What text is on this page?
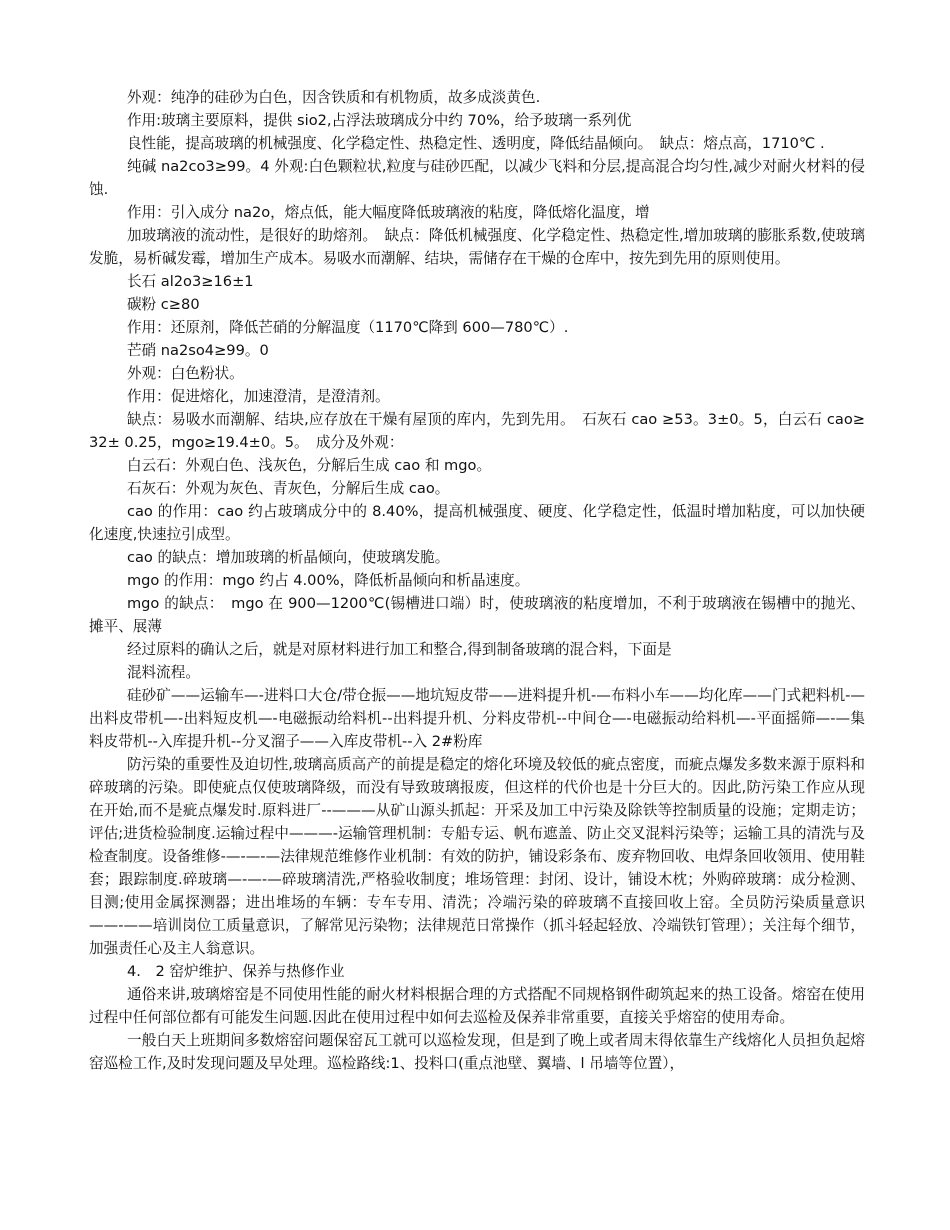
外观：纯净的硅砂为白色，因含铁质和有机物质，故多成淡黄色.

作用:玻璃主要原料，提供 sio2,占浮法玻璃成分中约 70%，给予玻璃一系列优

良性能，提高玻璃的机械强度、化学稳定性、热稳定性、透明度，降低结晶倾向。　缺点：熔点高，1710℃ .

纯碱 na2co3≥99。4 外观:白色颗粒状,粒度与硅砂匹配，以减少飞料和分层,提高混合均匀性,减少对耐火材料的侵蚀.

作用：引入成分 na2o，熔点低，能大幅度降低玻璃液的粘度，降低熔化温度，增

加玻璃液的流动性，是很好的助熔剂。　缺点：降低机械强度、化学稳定性、热稳定性,增加玻璃的膨胀系数,使玻璃发脆，易析碱发霉，增加生产成本。易吸水而潮解、结块，需储存在干燥的仓库中，按先到先用的原则使用。

长石 al2o3≥16±1

碳粉 c≥80

作用：还原剂，降低芒硝的分解温度（1170℃降到 600—780℃）.

芒硝 na2so4≥99。0

外观：白色粉状。

作用：促进熔化，加速澄清，是澄清剂。

缺点：易吸水而潮解、结块,应存放在干燥有屋顶的库内，先到先用。　石灰石 cao ≥53。3±0。5，白云石 cao≥32± 0.25，mgo≥19.4±0。5。　成分及外观：

白云石：外观白色、浅灰色，分解后生成 cao 和 mgo。

石灰石：外观为灰色、青灰色，分解后生成 cao。

cao 的作用：cao 约占玻璃成分中的 8.40%，提高机械强度、硬度、化学稳定性，低温时增加粘度，可以加快硬化速度,快速拉引成型。

cao 的缺点：增加玻璃的析晶倾向，使玻璃发脆。

mgo 的作用：mgo 约占 4.00%，降低析晶倾向和析晶速度。

mgo 的缺点：　mgo 在 900—1200℃(锡槽进口端）时，使玻璃液的粘度增加，不利于玻璃液在锡槽中的抛光、摊平、展薄

经过原料的确认之后，就是对原材料进行加工和整合,得到制备玻璃的混合料，下面是

混料流程。

硅砂矿——运输车—-进料口大仓/带仓振——地坑短皮带——进料提升机-—布料小车——均化库——门式耙料机-—出料皮带机—-出料短皮机—-电磁振动给料机--出料提升机、分料皮带机--中间仓—-电磁振动给料机—-平面摇筛—-—集料皮带机--入库提升机--分叉溜子——入库皮带机--入 2#粉库

防污染的重要性及迫切性,玻璃高质高产的前提是稳定的熔化环境及较低的疵点密度，而疵点爆发多数来源于原料和碎玻璃的污染。即使疵点仅使玻璃降级，而没有导致玻璃报废，但这样的代价也是十分巨大的。因此,防污染工作应从现在开始,而不是疵点爆发时.原料进厂--———从矿山源头抓起：开采及加工中污染及除铁等控制质量的设施；定期走访；评估;进货检验制度.运输过程中———-运输管理机制：专船专运、帆布遮盖、防止交叉混料污染等；运输工具的清洗与及检查制度。设备维修-—-—-—法律规范维修作业机制：有效的防护，铺设彩条布、废弃物回收、电焊条回收领用、使用鞋套；跟踪制度.碎玻璃—-—-—碎玻璃清洗,严格验收制度；堆场管理：封闭、设计，铺设木枕；外购碎玻璃：成分检测、目测;使用金属探测器；进出堆场的车辆：专车专用、清洗；冷端污染的碎玻璃不直接回收上窑。全员防污染质量意识——-——培训岗位工质量意识，了解常见污染物；法律规范日常操作（抓斗轻起轻放、冷端铁钉管理）；关注每个细节，加强责任心及主人翁意识。

4.　2 窑炉维护、保养与热修作业

通俗来讲,玻璃熔窑是不同使用性能的耐火材料根据合理的方式搭配不同规格钢件砌筑起来的热工设备。熔窑在使用过程中任何部位都有可能发生问题.因此在使用过程中如何去巡检及保养非常重要，直接关乎熔窑的使用寿命。

一般白天上班期间多数熔窑问题保窑瓦工就可以巡检发现，但是到了晚上或者周末得依靠生产线熔化人员担负起熔窑巡检工作,及时发现问题及早处理。巡检路线:1、投料口(重点池壁、翼墙、l 吊墙等位置），
